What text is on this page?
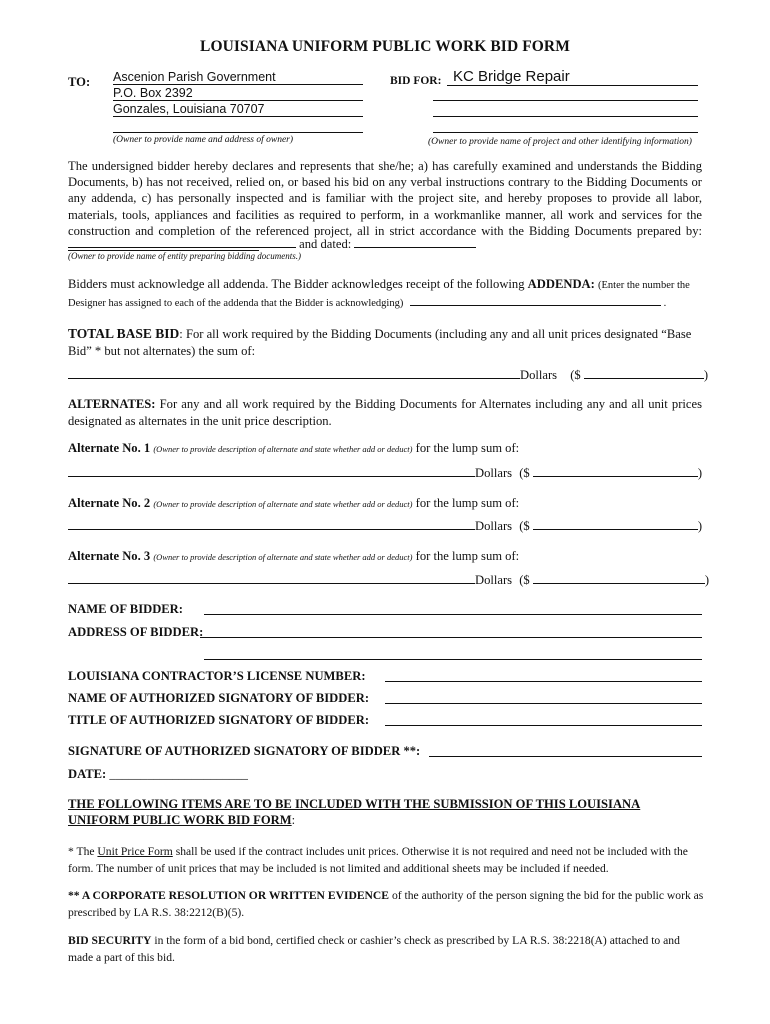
LOUISIANA UNIFORM PUBLIC WORK BID FORM
TO: Ascenion Parish Government
P.O. Box 2392
Gonzales, Louisiana 70707
(Owner to provide name and address of owner)
BID FOR: KC Bridge Repair
(Owner to provide name of project and other identifying information)
The undersigned bidder hereby declares and represents that she/he; a) has carefully examined and understands the Bidding Documents, b) has not received, relied on, or based his bid on any verbal instructions contrary to the Bidding Documents or any addenda, c) has personally inspected and is familiar with the project site, and hereby proposes to provide all labor, materials, tools, appliances and facilities as required to perform, in a workmanlike manner, all work and services for the construction and completion of the referenced project, all in strict accordance with the Bidding Documents prepared by:
and dated:
(Owner to provide name of entity preparing bidding documents.)
Bidders must acknowledge all addenda. The Bidder acknowledges receipt of the following ADDENDA: (Enter the number the
Designer has assigned to each of the addenda that the Bidder is acknowledging)	.
TOTAL BASE BID: For all work required by the Bidding Documents (including any and all unit prices designated “Base Bid” * but not alternates) the sum of:
Dollars ($	)
ALTERNATES: For any and all work required by the Bidding Documents for Alternates including any and all unit prices designated as alternates in the unit price description.
Alternate No. 1 (Owner to provide description of alternate and state whether add or deduct) for the lump sum of:
Dollars ($	)
Alternate No. 2 (Owner to provide description of alternate and state whether add or deduct) for the lump sum of:
Dollars ($	)
Alternate No. 3 (Owner to provide description of alternate and state whether add or deduct) for the lump sum of:
Dollars ($	)
NAME OF BIDDER:
ADDRESS OF BIDDER:
LOUISIANA CONTRACTOR’S LICENSE NUMBER:
NAME OF AUTHORIZED SIGNATORY OF BIDDER:
TITLE OF AUTHORIZED SIGNATORY OF BIDDER:
SIGNATURE OF AUTHORIZED SIGNATORY OF BIDDER **:
DATE: ______________________
THE FOLLOWING ITEMS ARE TO BE INCLUDED WITH THE SUBMISSION OF THIS LOUISIANA
UNIFORM PUBLIC WORK BID FORM:
* The Unit Price Form shall be used if the contract includes unit prices. Otherwise it is not required and need not be included with the form. The number of unit prices that may be included is not limited and additional sheets may be included if needed.
** A CORPORATE RESOLUTION OR WRITTEN EVIDENCE of the authority of the person signing the bid for the public work as prescribed by LA R.S. 38:2212(B)(5).
BID SECURITY in the form of a bid bond, certified check or cashier’s check as prescribed by LA R.S. 38:2218(A) attached to and made a part of this bid.
